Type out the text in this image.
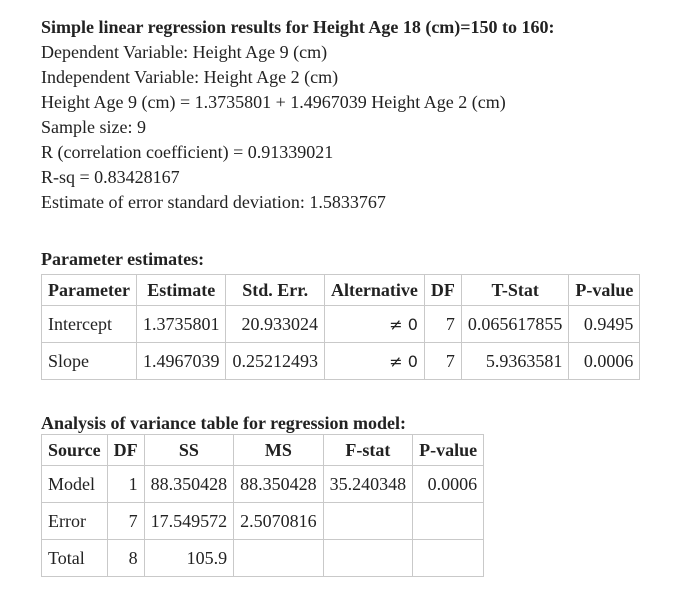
Simple linear regression results for Height Age 18 (cm)=150 to 160:
Dependent Variable: Height Age 9 (cm)
Independent Variable: Height Age 2 (cm)
Height Age 9 (cm) = 1.3735801 + 1.4967039 Height Age 2 (cm)
Sample size: 9
R (correlation coefficient) = 0.91339021
R-sq = 0.83428167
Estimate of error standard deviation: 1.5833767
Parameter estimates:
Parameter	Estimate	Std. Err.	Alternative	DF	T-Stat	P-value
Intercept	1.3735801	20.933024	≠ 0	7	0.065617855	0.9495
Slope	1.4967039	0.25212493	≠ 0	7	5.9363581	0.0006
Analysis of variance table for regression model:
Source	DF	SS	MS	F-stat	P-value
Model	1	88.350428	88.350428	35.240348	0.0006
Error	7	17.549572	2.5070816		
Total	8	105.9			
